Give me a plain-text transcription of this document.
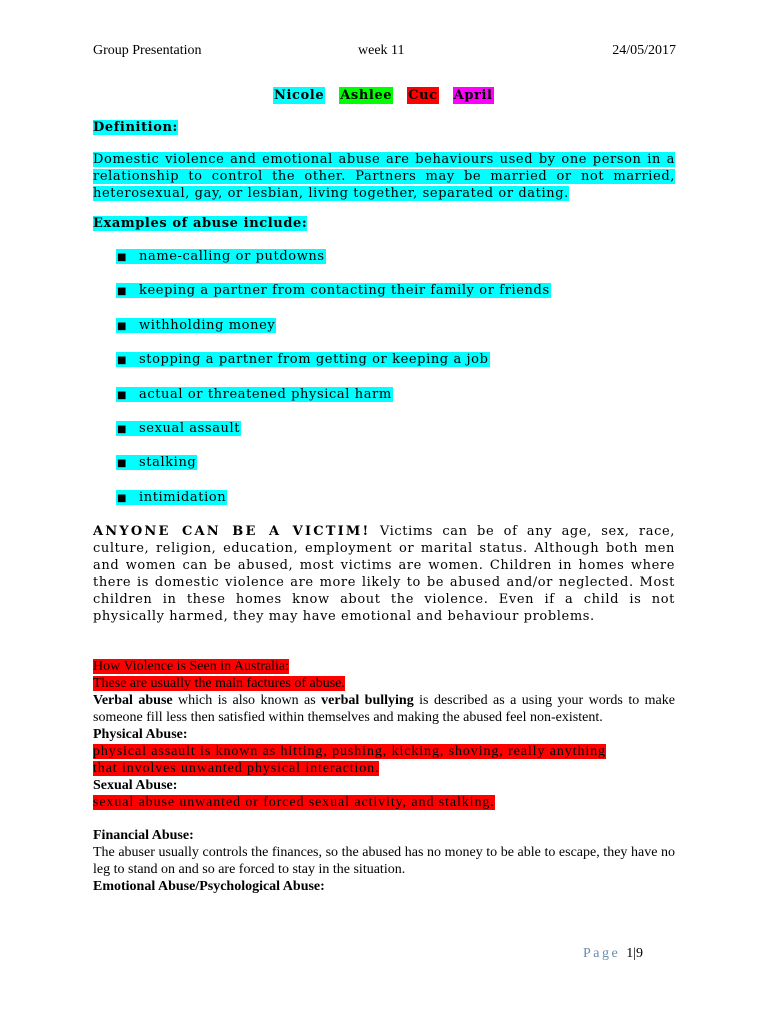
Group Presentation	week 11	24/05/2017
Nicole Ashlee Cuc April
Definition:
Domestic violence and emotional abuse are behaviours used by one person in a relationship to control the other. Partners may be married or not married, heterosexual, gay, or lesbian, living together, separated or dating.
Examples of abuse include:
■ name-calling or putdowns
■ keeping a partner from contacting their family or friends
■ withholding money
■ stopping a partner from getting or keeping a job
■ actual or threatened physical harm
■ sexual assault
■ stalking
■ intimidation
ANYONE CAN BE A VICTIM! Victims can be of any age, sex, race, culture, religion, education, employment or marital status. Although both men and women can be abused, most victims are women. Children in homes where there is domestic violence are more likely to be abused and/or neglected. Most children in these homes know about the violence. Even if a child is not physically harmed, they may have emotional and behaviour problems.

How Violence is Seen in Australia:

These are usually the main factures of abuse.

Verbal abuse which is also known as verbal bullying is described as a using your words to make someone fill less then satisfied within themselves and making the abused feel non-existent.

Physical Abuse:

physical assault is known as hitting, pushing, kicking, shoving, really anything

that involves unwanted physical interaction.

Sexual Abuse:

sexual abuse unwanted or forced sexual activity, and stalking.

Financial Abuse:

The abuser usually controls the finances, so the abused has no money to be able to escape, they have no leg to stand on and so are forced to stay in the situation.

Emotional Abuse/Psychological Abuse:

Page 1|9
